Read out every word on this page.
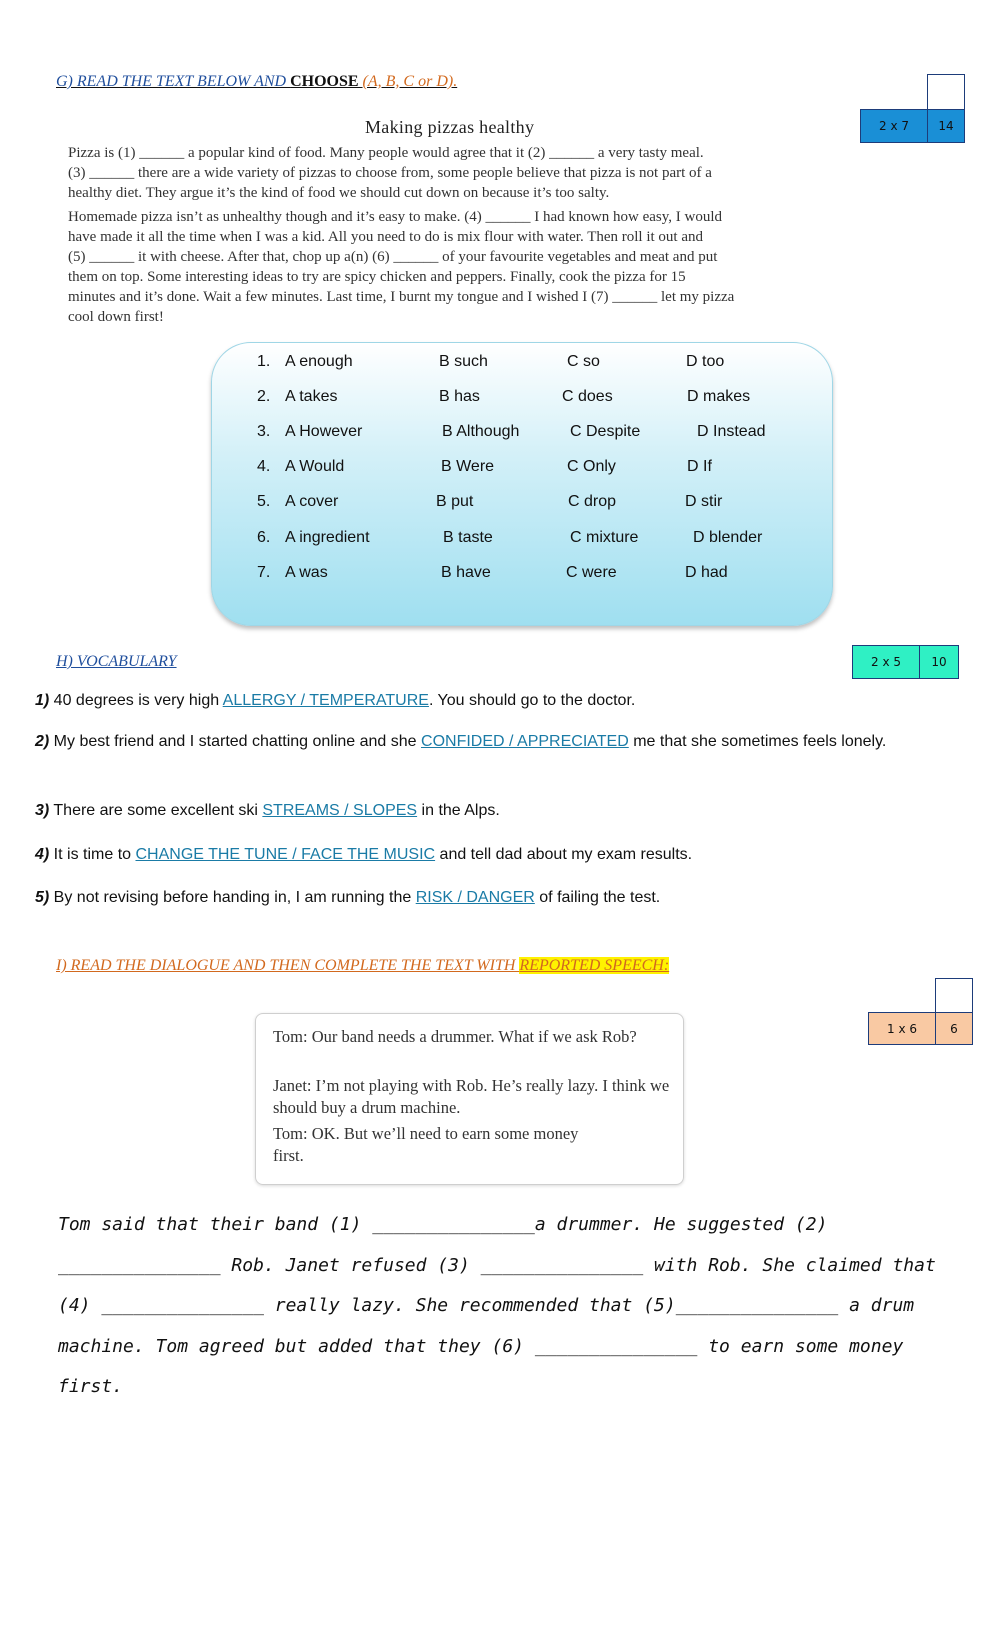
G) READ THE TEXT BELOW AND CHOOSE (A, B, C or D).
2 x 7 14
Making pizzas healthy

Pizza is (1) ______ a popular kind of food. Many people would agree that it (2) ______ a very tasty meal.

(3) ______ there are a wide variety of pizzas to choose from, some people believe that pizza is not part of a

healthy diet. They argue it’s the kind of food we should cut down on because it’s too salty.

Homemade pizza isn’t as unhealthy though and it’s easy to make. (4) ______ I had known how easy, I would

have made it all the time when I was a kid. All you need to do is mix flour with water. Then roll it out and

(5) ______ it with cheese. After that, chop up a(n) (6) ______ of your favourite vegetables and meat and put

them on top. Some interesting ideas to try are spicy chicken and peppers. Finally, cook the pizza for 15

minutes and it’s done. Wait a few minutes. Last time, I burnt my tongue and I wished I (7) ______ let my pizza

cool down first!

1. A enough	B such	C so	D too
2. A takes	B has	C does	D makes
3. A However	B Although	C Despite	D Instead
4. A Would	B Were	C Only	D If
5. A cover	B put	C drop	D stir
6. A ingredient	B taste	C mixture	D blender
7. A was	B have	C were	D had
H) VOCABULARY	2 x 5	10
1) 40 degrees is very high ALLERGY / TEMPERATURE. You should go to the doctor.
2) My best friend and I started chatting online and she CONFIDED / APPRECIATED me that she sometimes feels lonely.
3) There are some excellent ski STREAMS / SLOPES in the Alps.
4) It is time to CHANGE THE TUNE / FACE THE MUSIC and tell dad about my exam results.
5) By not revising before handing in, I am running the RISK / DANGER of failing the test.
I) READ THE DIALOGUE AND THEN COMPLETE THE TEXT WITH REPORTED SPEECH:
1 x 6	6

Tom: Our band needs a drummer. What if we ask Rob?

Janet: I’m not playing with Rob. He’s really lazy. I think we should buy a drum machine.

Tom: OK. But we’ll need to earn some money first.

Tom said that their band (1) _______________a drummer. He suggested (2)
_______________ Rob. Janet refused (3) _______________ with Rob. She claimed that
(4) _______________ really lazy. She recommended that (5)_______________ a drum
machine. Tom agreed but added that they (6) _______________ to earn some money
first.
